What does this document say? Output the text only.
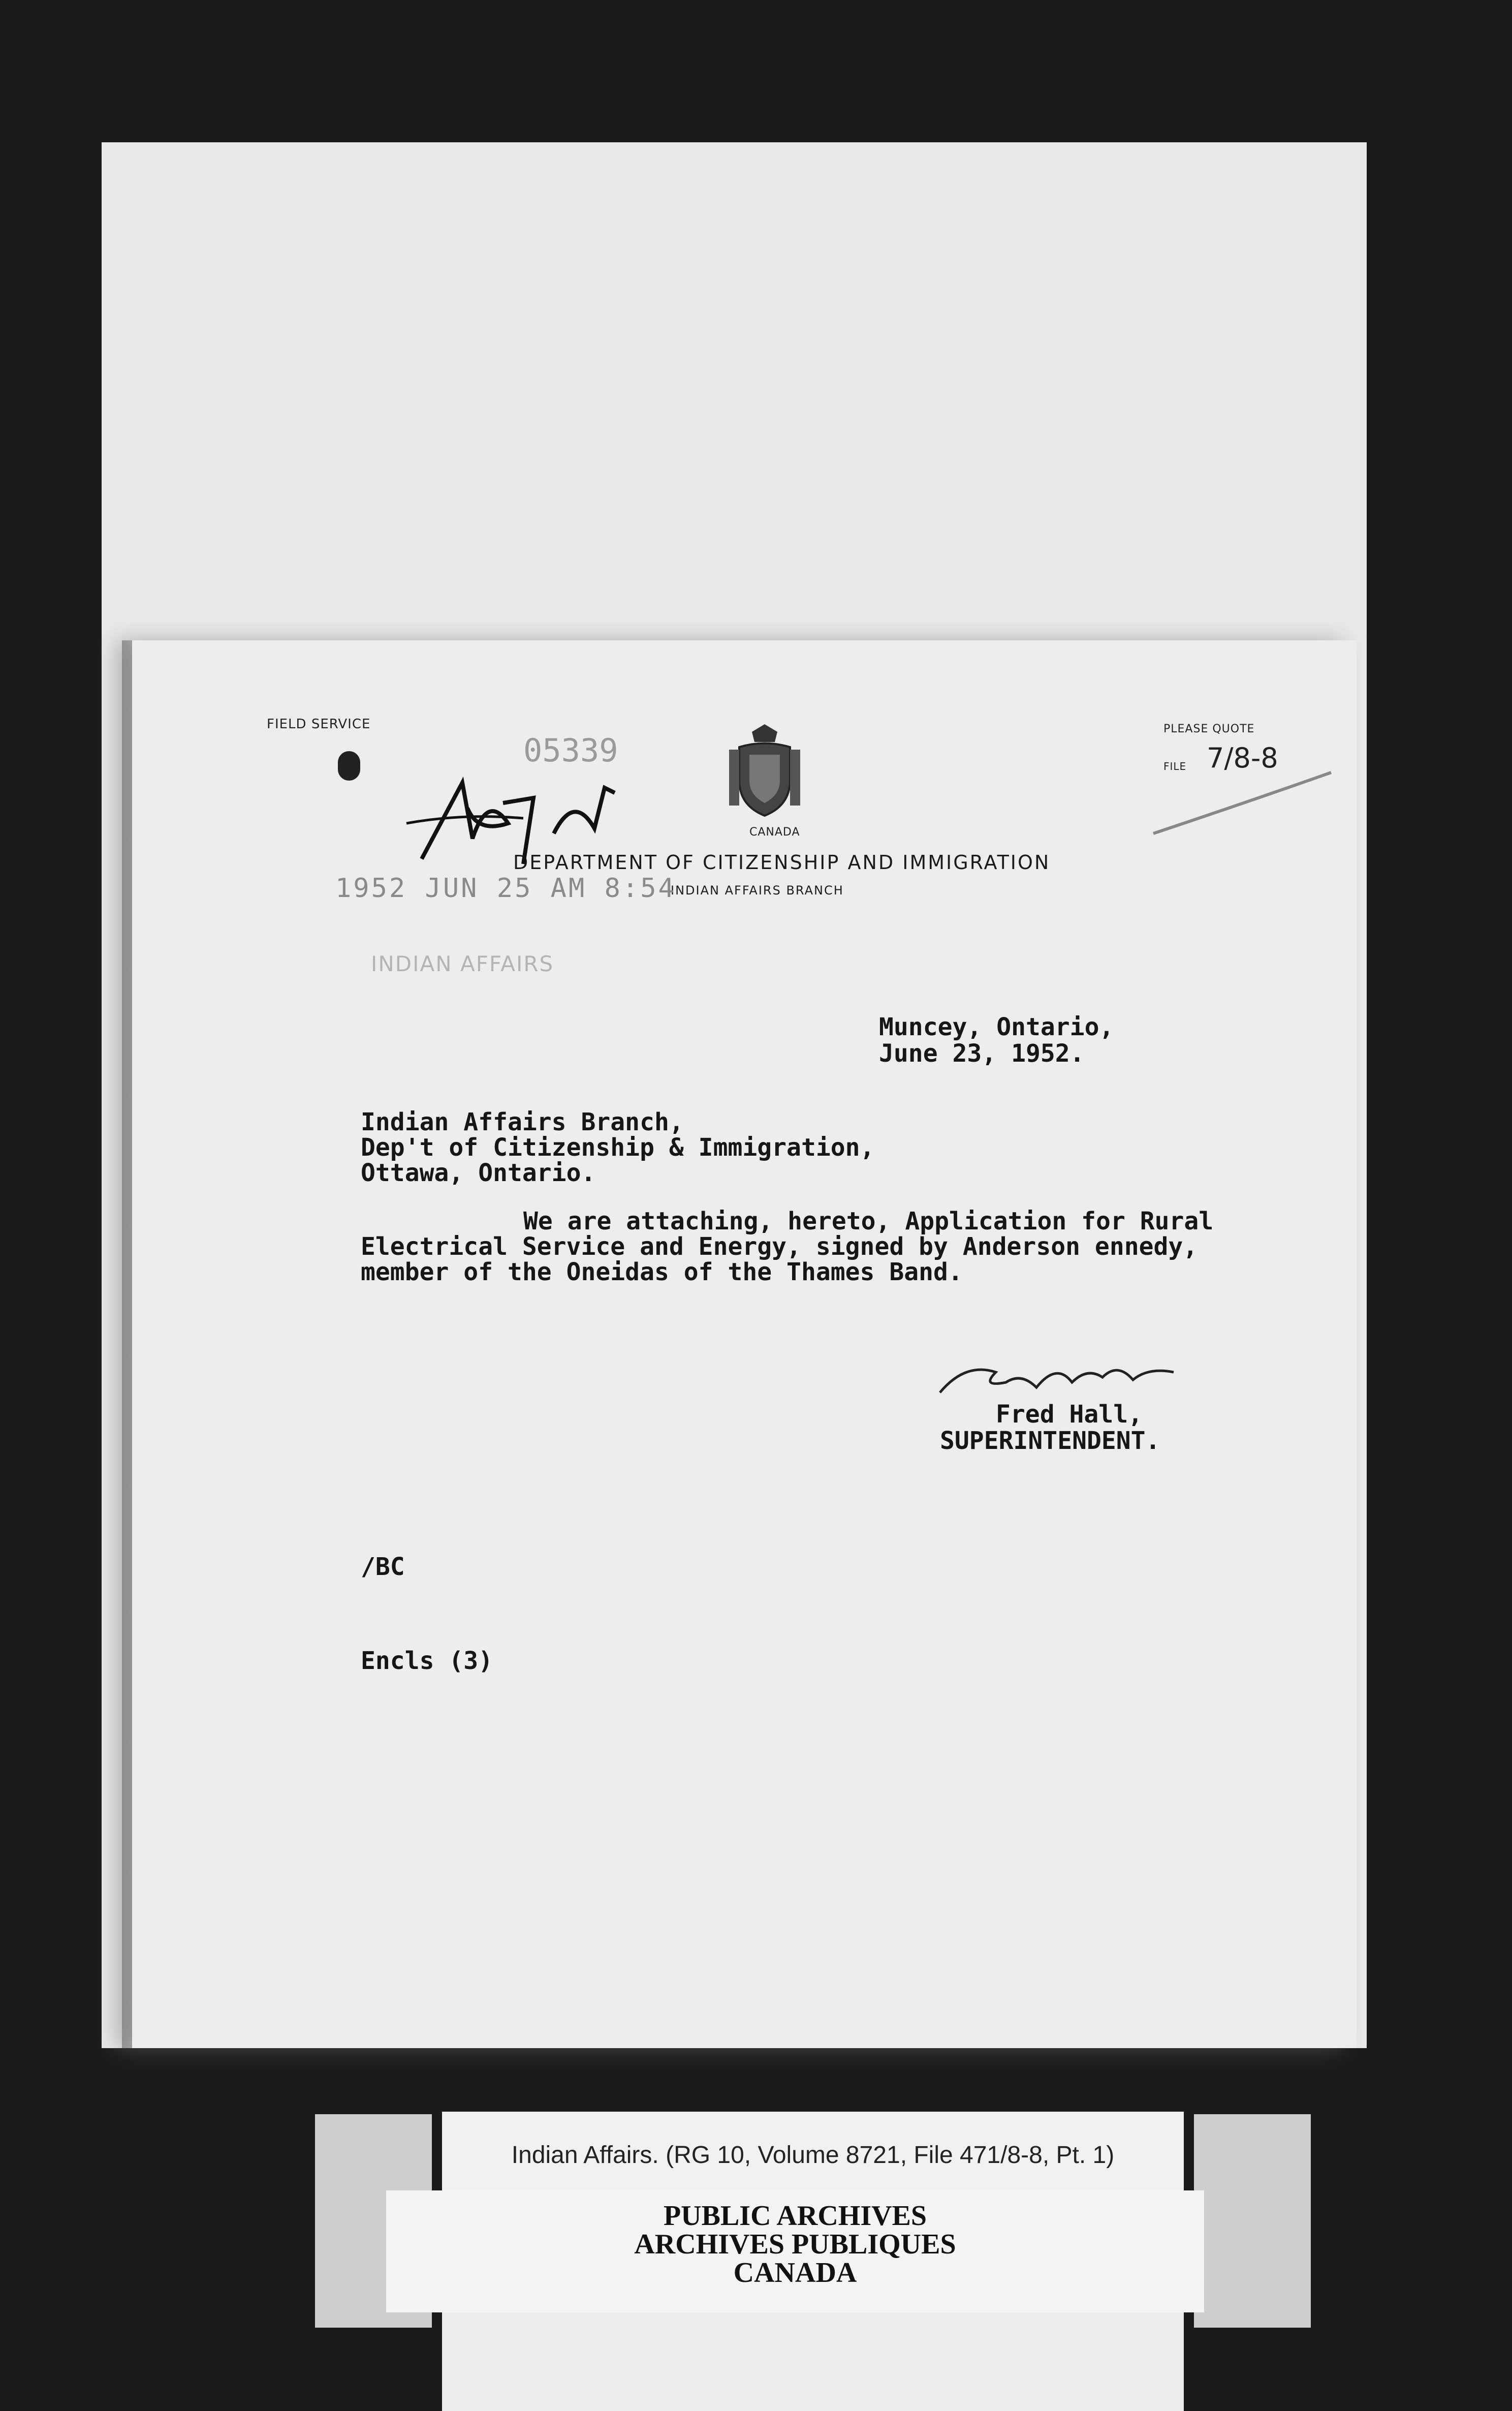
FIELD SERVICE
05339
CANADA
DEPARTMENT OF CITIZENSHIP AND IMMIGRATION
INDIAN AFFAIRS BRANCH
PLEASE QUOTE
FILE 7/8-8
1952 JUN 25 AM 8:54
INDIAN AFFAIRS
Muncey, Ontario,
June 23, 1952.
Indian Affairs Branch,
Dep't of Citizenship & Immigration,
Ottawa, Ontario.
We are attaching, hereto, Application for Rural
Electrical Service and Energy, signed by Anderson ennedy,
member of the Oneidas of the Thames Band.
Fred Hall,
SUPERINTENDENT.
/BC
Encls (3)
Indian Affairs. (RG 10, Volume 8721, File 471/8-8, Pt. 1)
PUBLIC ARCHIVES
ARCHIVES PUBLIQUES
CANADA
